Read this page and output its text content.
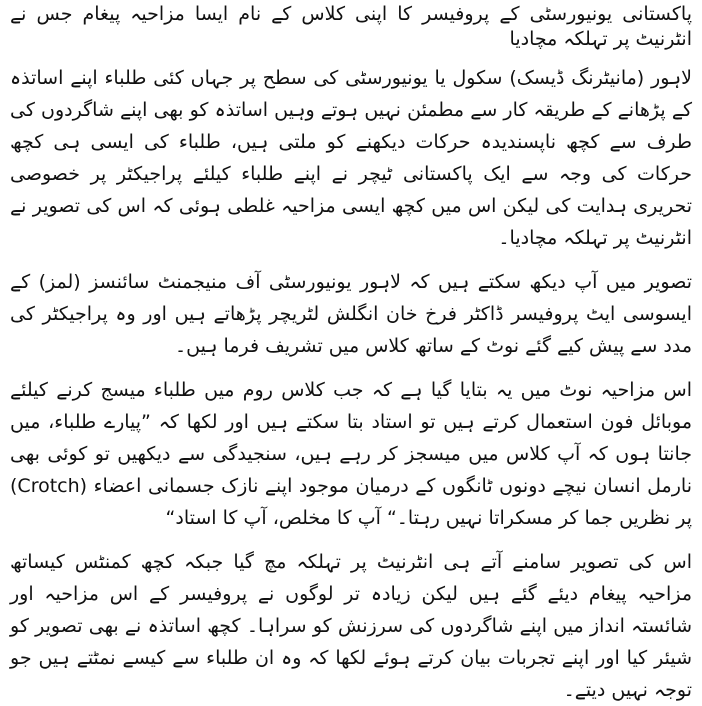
پاکستانی یونیورسٹی کے پروفیسر کا اپنی کلاس کے نام ایسا مزاحیہ پیغام جس نے انٹرنیٹ پر تہلکہ مچادیا

لاہور (مانیٹرنگ ڈیسک) سکول یا یونیورسٹی کی سطح پر جہاں کئی طلباء اپنے اساتذہ کے پڑھانے کے طریقہ کار سے مطمئن نہیں ہوتے وہیں اساتذہ کو بھی اپنے شاگردوں کی طرف سے کچھ ناپسندیدہ حرکات دیکھنے کو ملتی ہیں، طلباء کی ایسی ہی کچھ حرکات کی وجہ سے ایک پاکستانی ٹیچر نے اپنے طلباء کیلئے پراجیکٹر پر خصوصی تحریری ہدایت کی لیکن اس میں کچھ ایسی مزاحیہ غلطی ہوئی کہ اس کی تصویر نے انٹرنیٹ پر تہلکہ مچادیا۔

تصویر میں آپ دیکھ سکتے ہیں کہ لاہور یونیورسٹی آف منیجمنٹ سائنسز (لمز) کے ایسوسی ایٹ پروفیسر ڈاکٹر فرخ خان انگلش لٹریچر پڑھاتے ہیں اور وہ پراجیکٹر کی مدد سے پیش کیے گئے نوٹ کے ساتھ کلاس میں تشریف فرما ہیں۔

اس مزاحیہ نوٹ میں یہ بتایا گیا ہے کہ جب کلاس روم میں طلباء میسج کرنے کیلئے موبائل فون استعمال کرتے ہیں تو استاد بتا سکتے ہیں اور لکھا کہ ”پیارے طلباء، میں جانتا ہوں کہ آپ کلاس میں میسجز کر رہے ہیں، سنجیدگی سے دیکھیں تو کوئی بھی نارمل انسان نیچے دونوں ٹانگوں کے درمیان موجود اپنے نازک جسمانی اعضاء (Crotch) پر نظریں جما کر مسکراتا نہیں رہتا۔“ آپ کا مخلص، آپ کا استاد“

اس کی تصویر سامنے آتے ہی انٹرنیٹ پر تہلکہ مچ گیا جبکہ کچھ کمنٹس کیساتھ مزاحیہ پیغام دیئے گئے ہیں لیکن زیادہ تر لوگوں نے پروفیسر کے اس مزاحیہ اور شائستہ انداز میں اپنے شاگردوں کی سرزنش کو سراہا۔ کچھ اساتذہ نے بھی تصویر کو شیئر کیا اور اپنے تجربات بیان کرتے ہوئے لکھا کہ وہ ان طلباء سے کیسے نمٹتے ہیں جو توجہ نہیں دیتے۔
